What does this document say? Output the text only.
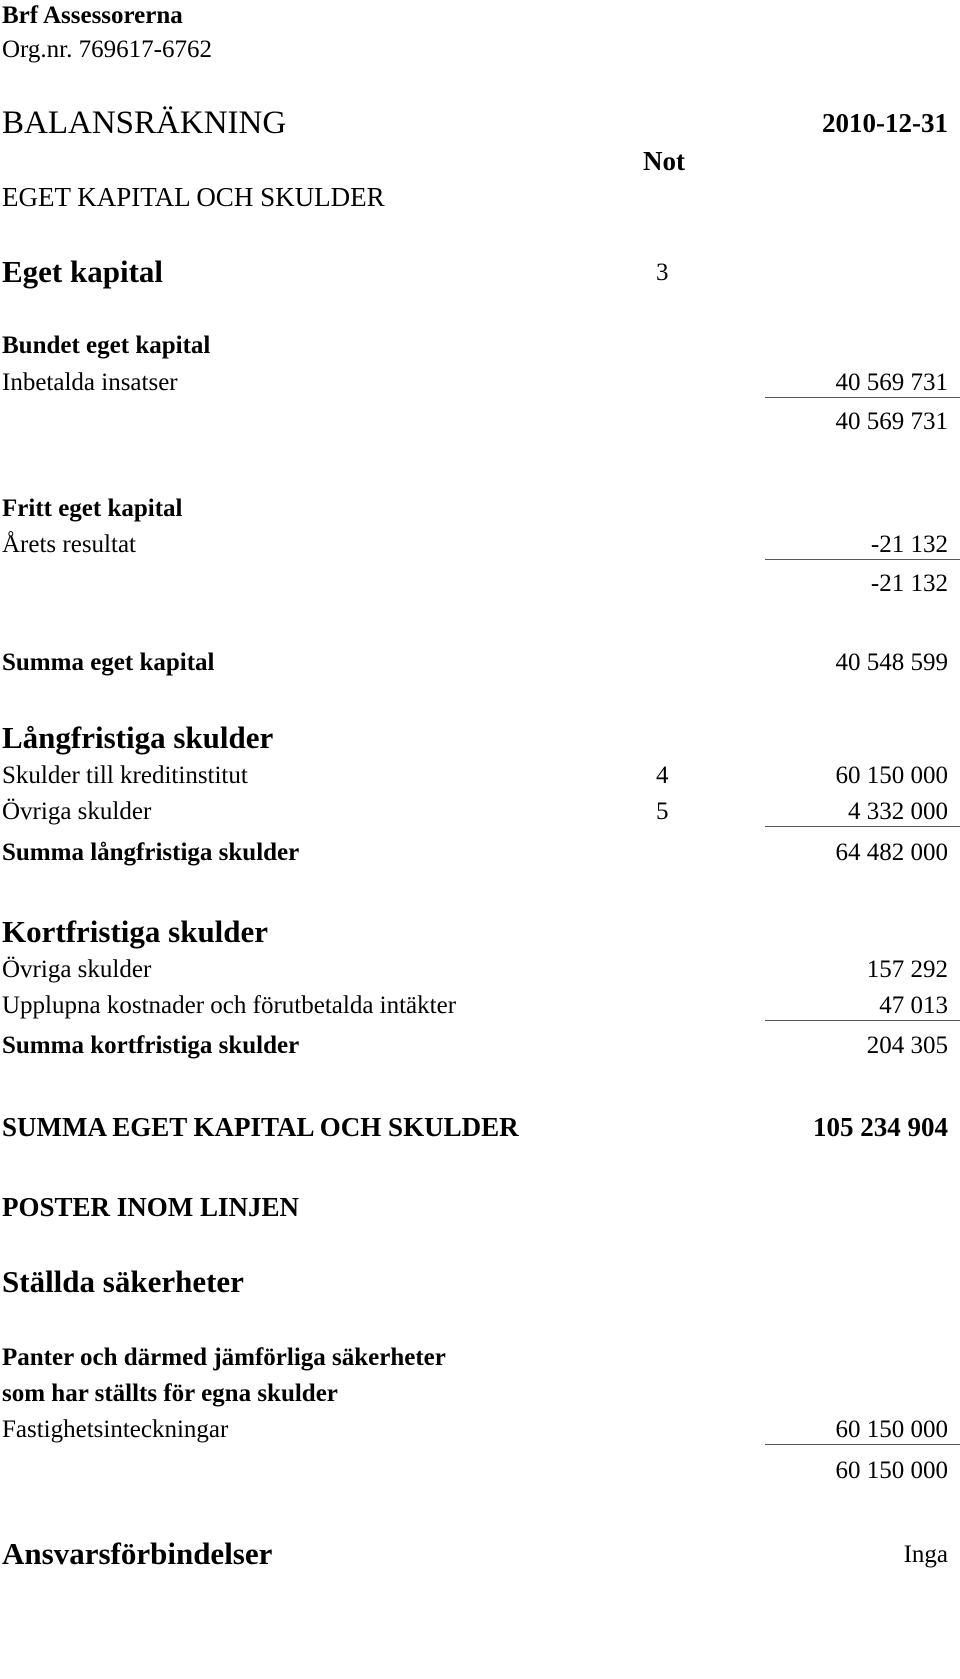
Brf Assessorerna
Org.nr. 769617-6762
BALANSRÄKNING	2010-12-31
Not
EGET KAPITAL OCH SKULDER
Eget kapital	3
Bundet eget kapital
Inbetalda insatser	40 569 731
40 569 731
Fritt eget kapital
Årets resultat	-21 132
-21 132
Summa eget kapital	40 548 599
Långfristiga skulder
Skulder till kreditinstitut	4	60 150 000
Övriga skulder	5	4 332 000
Summa långfristiga skulder	64 482 000
Kortfristiga skulder
Övriga skulder	157 292
Upplupna kostnader och förutbetalda intäkter	47 013
Summa kortfristiga skulder	204 305
SUMMA EGET KAPITAL OCH SKULDER	105 234 904
POSTER INOM LINJEN
Ställda säkerheter
Panter och därmed jämförliga säkerheter
som har ställts för egna skulder
Fastighetsinteckningar	60 150 000
60 150 000
Ansvarsförbindelser	Inga
